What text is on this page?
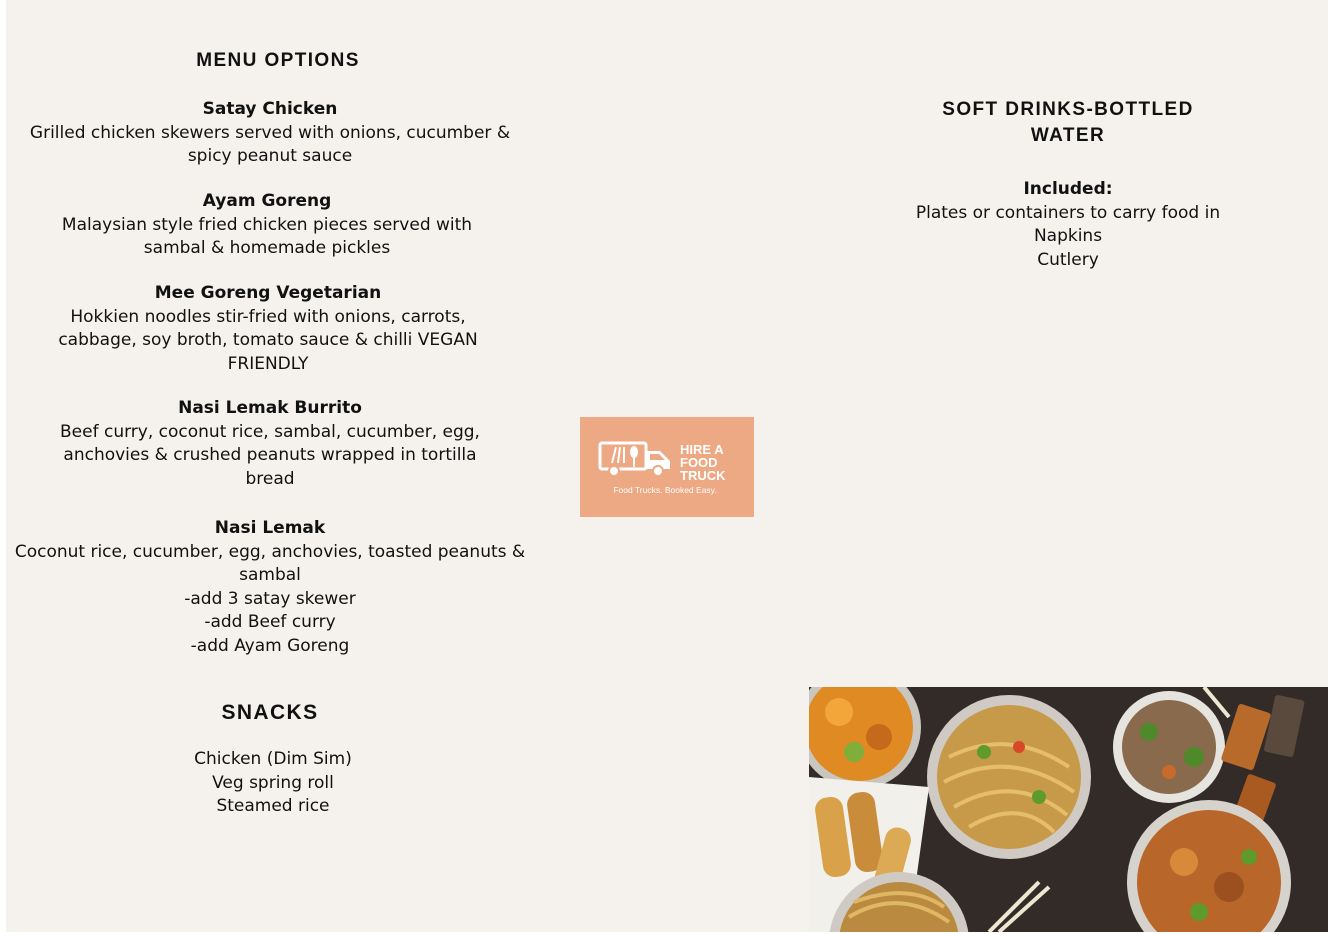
MENU OPTIONS
Satay Chicken
Grilled chicken skewers served with onions, cucumber &
spicy peanut sauce
Ayam Goreng
Malaysian style fried chicken pieces served with
sambal & homemade pickles
Mee Goreng Vegetarian
Hokkien noodles stir-fried with onions, carrots,
cabbage, soy broth, tomato sauce & chilli VEGAN
FRIENDLY
Nasi Lemak Burrito
Beef curry, coconut rice, sambal, cucumber, egg,
anchovies & crushed peanuts wrapped in tortilla
bread
Nasi Lemak
Coconut rice, cucumber, egg, anchovies, toasted peanuts &
sambal
-add 3 satay skewer
-add Beef curry
-add Ayam Goreng
SNACKS
Chicken (Dim Sim)
Veg spring roll
Steamed rice
SOFT DRINKS-BOTTLED
WATER
Included:
Plates or containers to carry food in
Napkins
Cutlery
HIRE A
FOOD
TRUCK
Food Trucks. Booked Easy.
